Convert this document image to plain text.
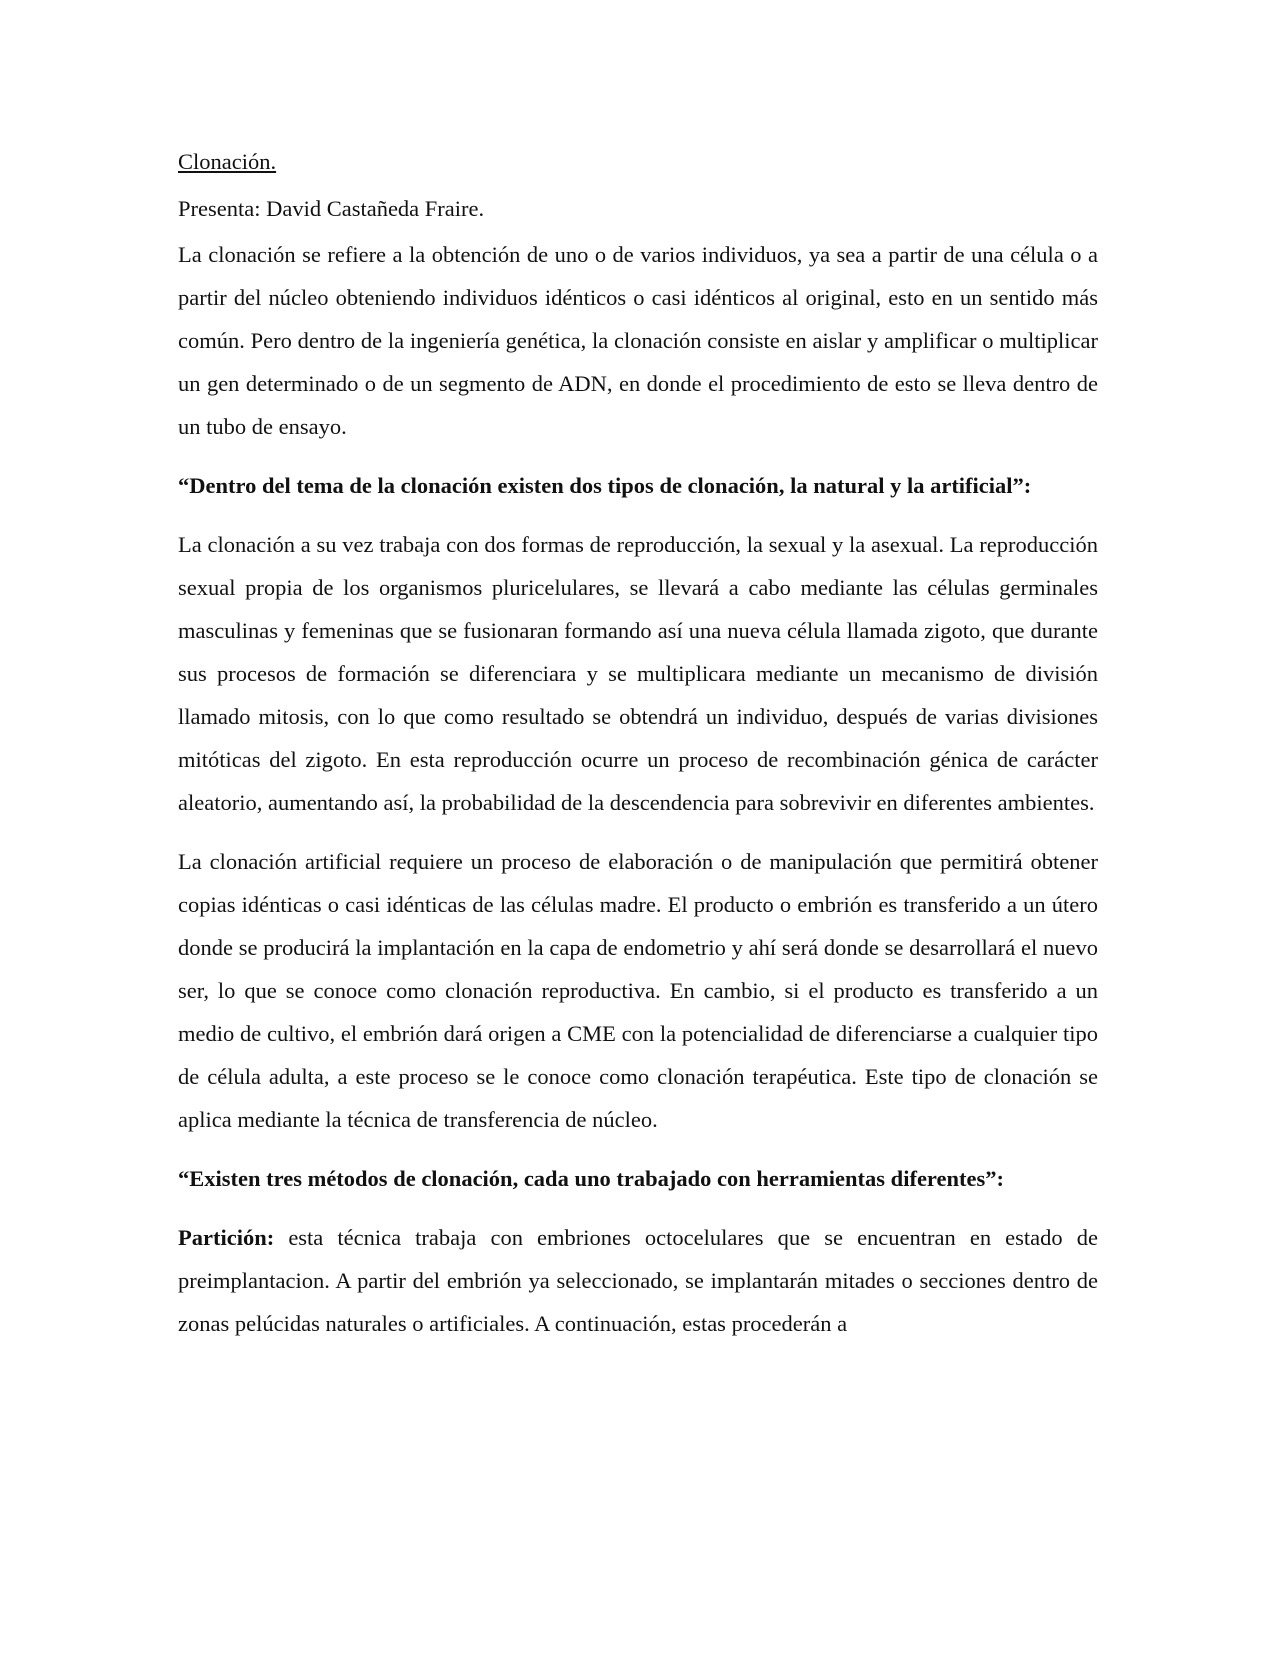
Clonación.

Presenta: David Castañeda Fraire.

La clonación se refiere a la obtención de uno o de varios individuos, ya sea a partir de una célula o a partir del núcleo obteniendo individuos idénticos o casi idénticos al original, esto en un sentido más común. Pero dentro de la ingeniería genética, la clonación consiste en aislar y amplificar o multiplicar un gen determinado o de un segmento de ADN, en donde el procedimiento de esto se lleva dentro de un tubo de ensayo.

“Dentro del tema de la clonación existen dos tipos de clonación, la natural y la artificial”:

La clonación a su vez trabaja con dos formas de reproducción, la sexual y la asexual. La reproducción sexual propia de los organismos pluricelulares, se llevará a cabo mediante las células germinales masculinas y femeninas que se fusionaran formando así una nueva célula llamada zigoto, que durante sus procesos de formación se diferenciara y se multiplicara mediante un mecanismo de división llamado mitosis, con lo que como resultado se obtendrá un individuo, después de varias divisiones mitóticas del zigoto. En esta reproducción ocurre un proceso de recombinación génica de carácter aleatorio, aumentando así, la probabilidad de la descendencia para sobrevivir en diferentes ambientes.

La clonación artificial requiere un proceso de elaboración o de manipulación que permitirá obtener copias idénticas o casi idénticas de las células madre. El producto o embrión es transferido a un útero donde se producirá la implantación en la capa de endometrio y ahí será donde se desarrollará el nuevo ser, lo que se conoce como clonación reproductiva. En cambio, si el producto es transferido a un medio de cultivo, el embrión dará origen a CME con la potencialidad de diferenciarse a cualquier tipo de célula adulta, a este proceso se le conoce como clonación terapéutica. Este tipo de clonación se aplica mediante la técnica de transferencia de núcleo.

“Existen tres métodos de clonación, cada uno trabajado con herramientas diferentes”:

Partición: esta técnica trabaja con embriones octocelulares que se encuentran en estado de preimplantacion. A partir del embrión ya seleccionado, se implantarán mitades o secciones dentro de zonas pelúcidas naturales o artificiales. A continuación, estas procederán a
